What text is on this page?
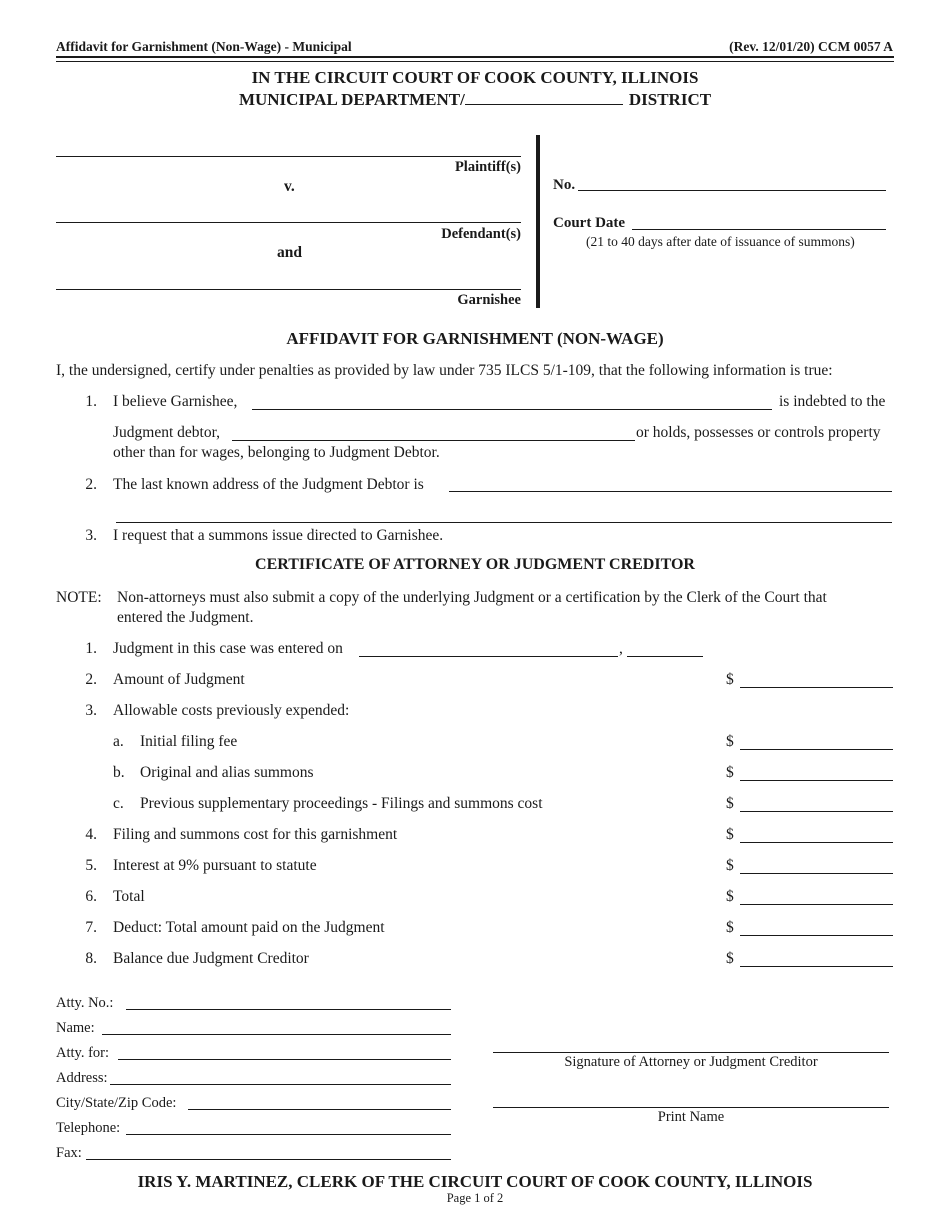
Affidavit for Garnishment (Non-Wage) - Municipal	(Rev. 12/01/20) CCM 0057 A
IN THE CIRCUIT COURT OF COOK COUNTY, ILLINOIS
MUNICIPAL DEPARTMENT/	DISTRICT
Plaintiff(s)
v.
Defendant(s)
and
Garnishee
No.
Court Date
(21 to 40 days after date of issuance of summons)
AFFIDAVIT FOR GARNISHMENT (NON-WAGE)
I, the undersigned, certify under penalties as provided by law under 735 ILCS 5/1-109, that the following information is true:
1. I believe Garnishee,	is indebted to the
Judgment debtor,	or holds, possesses or controls property
other than for wages, belonging to Judgment Debtor.
2. The last known address of the Judgment Debtor is
3. I request that a summons issue directed to Garnishee.
CERTIFICATE OF ATTORNEY OR JUDGMENT CREDITOR
NOTE: Non-attorneys must also submit a copy of the underlying Judgment or a certification by the Clerk of the Court that
entered the Judgment.
1. Judgment in this case was entered on	,
2. Amount of Judgment	$
3. Allowable costs previously expended:
a. Initial filing fee	$
b. Original and alias summons	$
c. Previous supplementary proceedings - Filings and summons cost	$
4. Filing and summons cost for this garnishment	$
5. Interest at 9% pursuant to statute	$
6. Total	$
7. Deduct: Total amount paid on the Judgment	$
8. Balance due Judgment Creditor	$
Atty. No.:
Name:
Atty. for:
Address:
City/State/Zip Code:
Telephone:
Fax:
Signature of Attorney or Judgment Creditor
Print Name
IRIS Y. MARTINEZ, CLERK OF THE CIRCUIT COURT OF COOK COUNTY, ILLINOIS
Page 1 of 2
